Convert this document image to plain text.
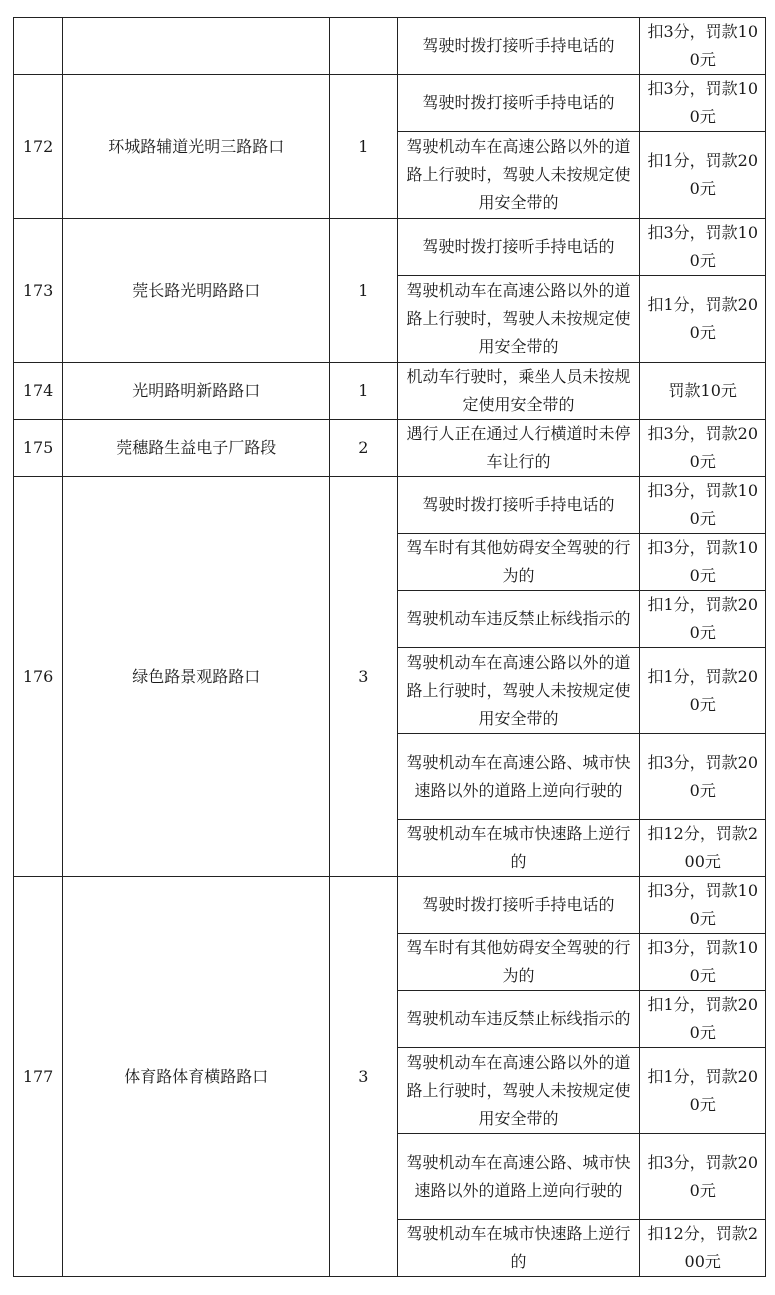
			驾驶时拨打接听手持电话的	扣3分，罚款100元
172	环城路辅道光明三路路口	1	驾驶时拨打接听手持电话的	扣3分，罚款100元
			驾驶机动车在高速公路以外的道路上行驶时，驾驶人未按规定使用安全带的	扣1分，罚款200元
173	莞长路光明路路口	1	驾驶时拨打接听手持电话的	扣3分，罚款100元
			驾驶机动车在高速公路以外的道路上行驶时，驾驶人未按规定使用安全带的	扣1分，罚款200元
174	光明路明新路路口	1	机动车行驶时，乘坐人员未按规定使用安全带的	罚款10元
175	莞穗路生益电子厂路段	2	遇行人正在通过人行横道时未停车让行的	扣3分，罚款200元
176	绿色路景观路路口	3	驾驶时拨打接听手持电话的	扣3分，罚款100元
			驾车时有其他妨碍安全驾驶的行为的	扣3分，罚款100元
			驾驶机动车违反禁止标线指示的	扣1分，罚款200元
			驾驶机动车在高速公路以外的道路上行驶时，驾驶人未按规定使用安全带的	扣1分，罚款200元
			驾驶机动车在高速公路、城市快速路以外的道路上逆向行驶的	扣3分，罚款200元
			驾驶机动车在城市快速路上逆行的	扣12分，罚款200元
177	体育路体育横路路口	3	驾驶时拨打接听手持电话的	扣3分，罚款100元
			驾车时有其他妨碍安全驾驶的行为的	扣3分，罚款100元
			驾驶机动车违反禁止标线指示的	扣1分，罚款200元
			驾驶机动车在高速公路以外的道路上行驶时，驾驶人未按规定使用安全带的	扣1分，罚款200元
			驾驶机动车在高速公路、城市快速路以外的道路上逆向行驶的	扣3分，罚款200元
			驾驶机动车在城市快速路上逆行的	扣12分，罚款200元
